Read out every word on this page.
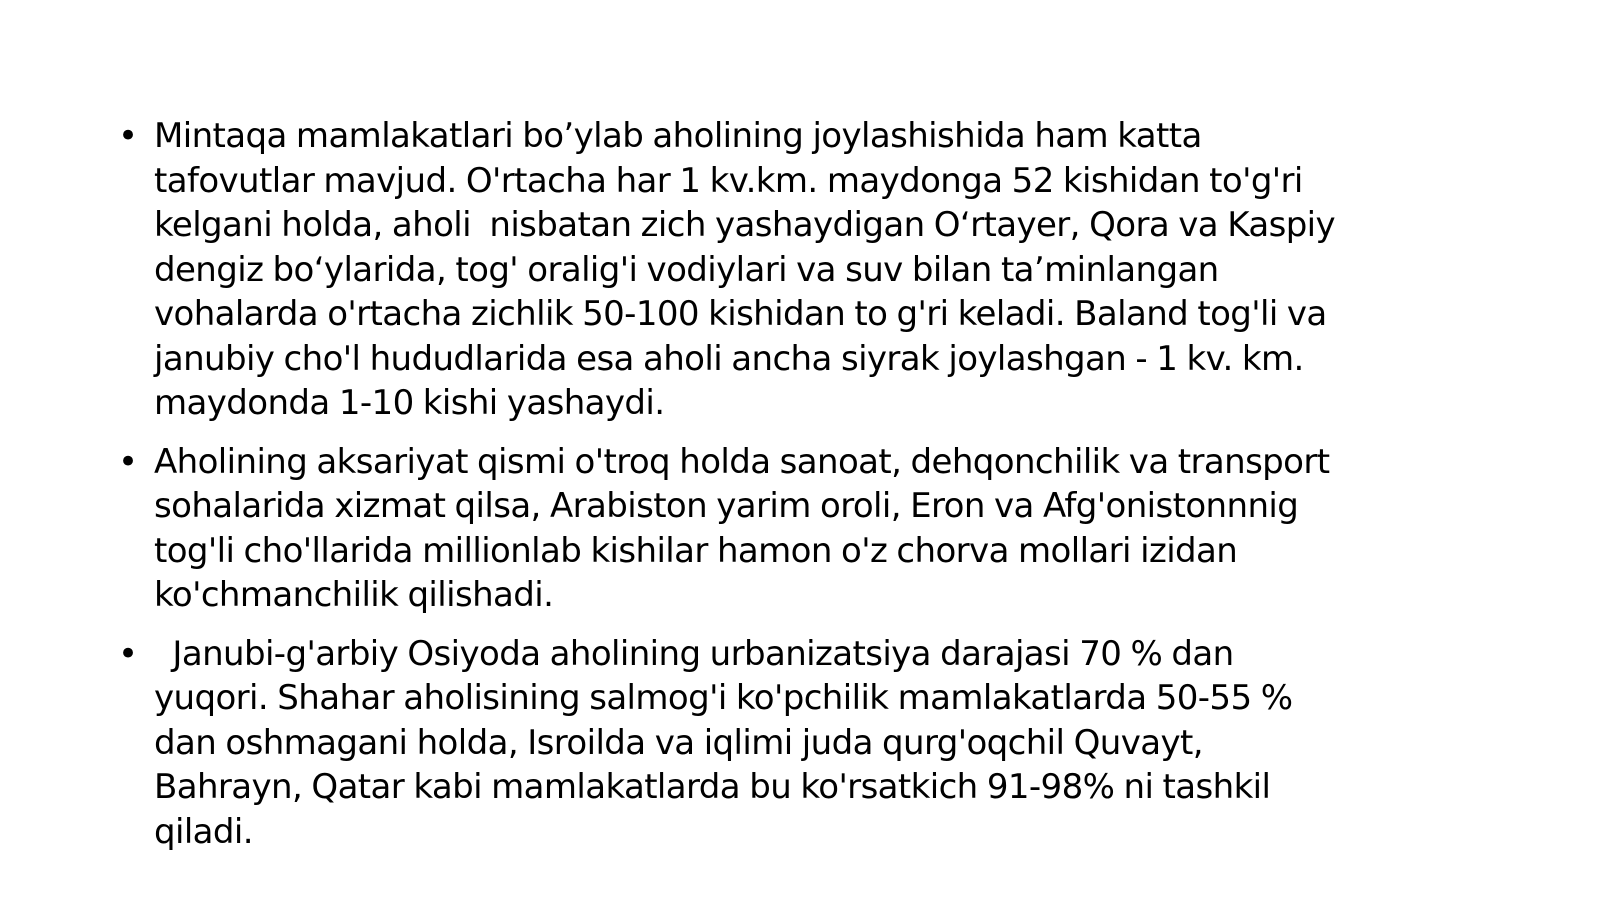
• Mintaqa mamlakatlari bo’ylab aholining joylashishida ham katta
tafovutlar mavjud. O'rtacha har 1 kv.km. maydonga 52 kishidan to'g'ri
kelgani holda, aholi  nisbatan zich yashaydigan O‘rtayer, Qora va Kaspiy
dengiz bo‘ylarida, tog' oralig'i vodiylari va suv bilan ta’minlangan
vohalarda o'rtacha zichlik 50-100 kishidan to g'ri keladi. Baland tog'li va
janubiy cho'l hududlarida esa aholi ancha siyrak joylashgan - 1 kv. km.
maydonda 1-10 kishi yashaydi.
• Aholining aksariyat qismi o'troq holda sanoat, dehqonchilik va transport
sohalarida xizmat qilsa, Arabiston yarim oroli, Eron va Afg'onistonnnig
tog'li cho'llarida millionlab kishilar hamon o'z chorva mollari izidan
ko'chmanchilik qilishadi.
• Janubi-g'arbiy Osiyoda aholining urbanizatsiya darajasi 70 % dan
yuqori. Shahar aholisining salmog'i ko'pchilik mamlakatlarda 50-55 %
dan oshmagani holda, Isroilda va iqlimi juda qurg'oqchil Quvayt,
Bahrayn, Qatar kabi mamlakatlarda bu ko'rsatkich 91-98% ni tashkil
qiladi.
